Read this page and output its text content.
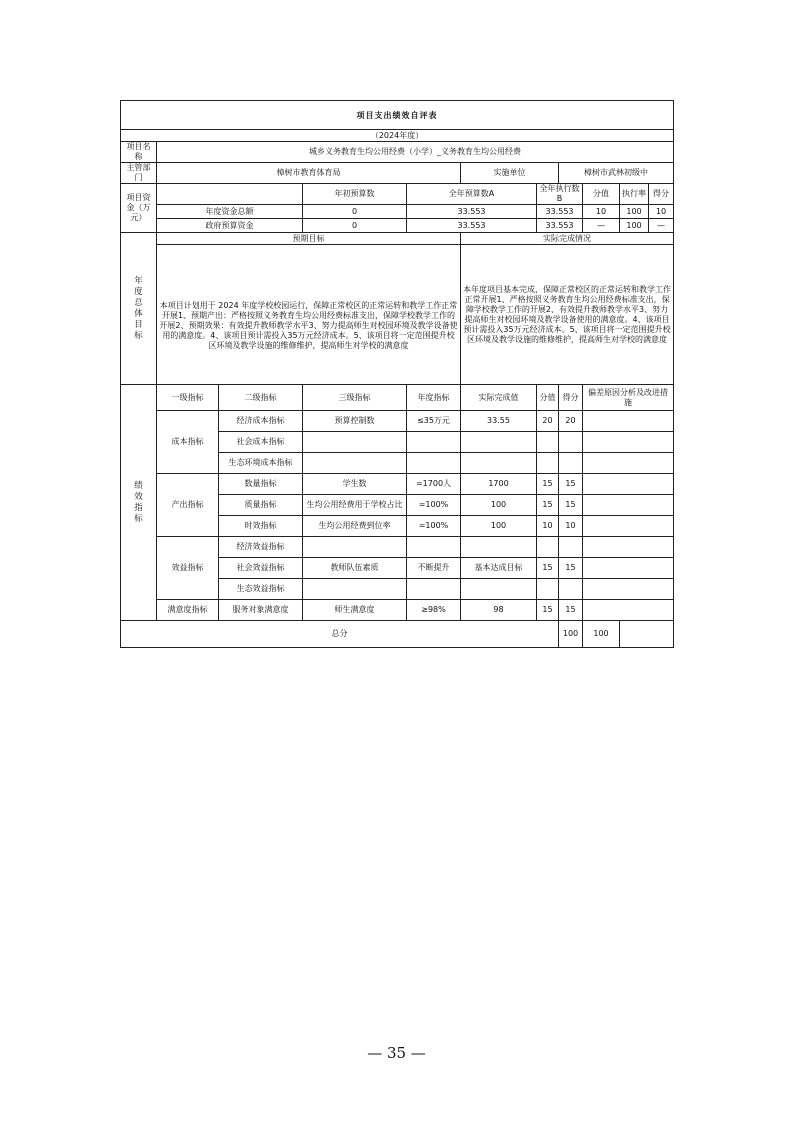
项目支出绩效自评表										
（2024年度）										
项目名称	城乡义务教育生均公用经费（小学）_义务教育生均公用经费									
主管部门	樟树市教育体育局				实施单位		樟树市武林初级中			
项目资金（万元）			年初预算数	全年预算数A		全年执行数B		分值	执行率	得分
	年度资金总额		0	33.553		33.553		10	100	10
	政府预算资金		0	33.553		33.553		—	100	—
年度总体目标	预期目标				实际完成情况					
	本项目计划用于 2024 年度学校校园运行，保障正常校区的正常运转和教学工作正常开展1、预期产出：严格按照义务教育生均公用经费标准支出，保障学校教学工作的开展2、预期效果：有效提升教师教学水平3、努力提高师生对校园环境及教学设备使用的满意度。4、该项目预计需投入35万元经济成本。5、该项目将一定范围提升校区环境及教学设施的维修维护，提高师生对学校的满意度				本年度项目基本完成，保障正常校区的正常运转和教学工作正常开展1、严格按照义务教育生均公用经费标准支出，保障学校教学工作的开展2、有效提升教师教学水平3、努力提高师生对校园环境及教学设备使用的满意度。4、该项目预计需投入35万元经济成本。5、该项目将一定范围提升校区环境及教学设施的维修维护，提高师生对学校的满意度					
绩效指标	一级指标	二级指标	三级指标	年度指标	实际完成值	分值	得分	偏差原因分析及改进措施		
	成本指标	经济成本指标	预算控制数	≤35万元	33.55	20	20			
		社会成本指标								
		生态环境成本指标								
	产出指标	数量指标	学生数	=1700人	1700	15	15			
		质量指标	生均公用经费用于学校占比	=100%	100	15	15			
		时效指标	生均公用经费到位率	=100%	100	10	10			
	效益指标	经济效益指标								
		社会效益指标	教师队伍素质	不断提升	基本达成目标	15	15			
		生态效益指标								
	满意度指标	服务对象满意度	师生满意度	≥98%	98	15	15			
总分							100	100		
— 35 —
